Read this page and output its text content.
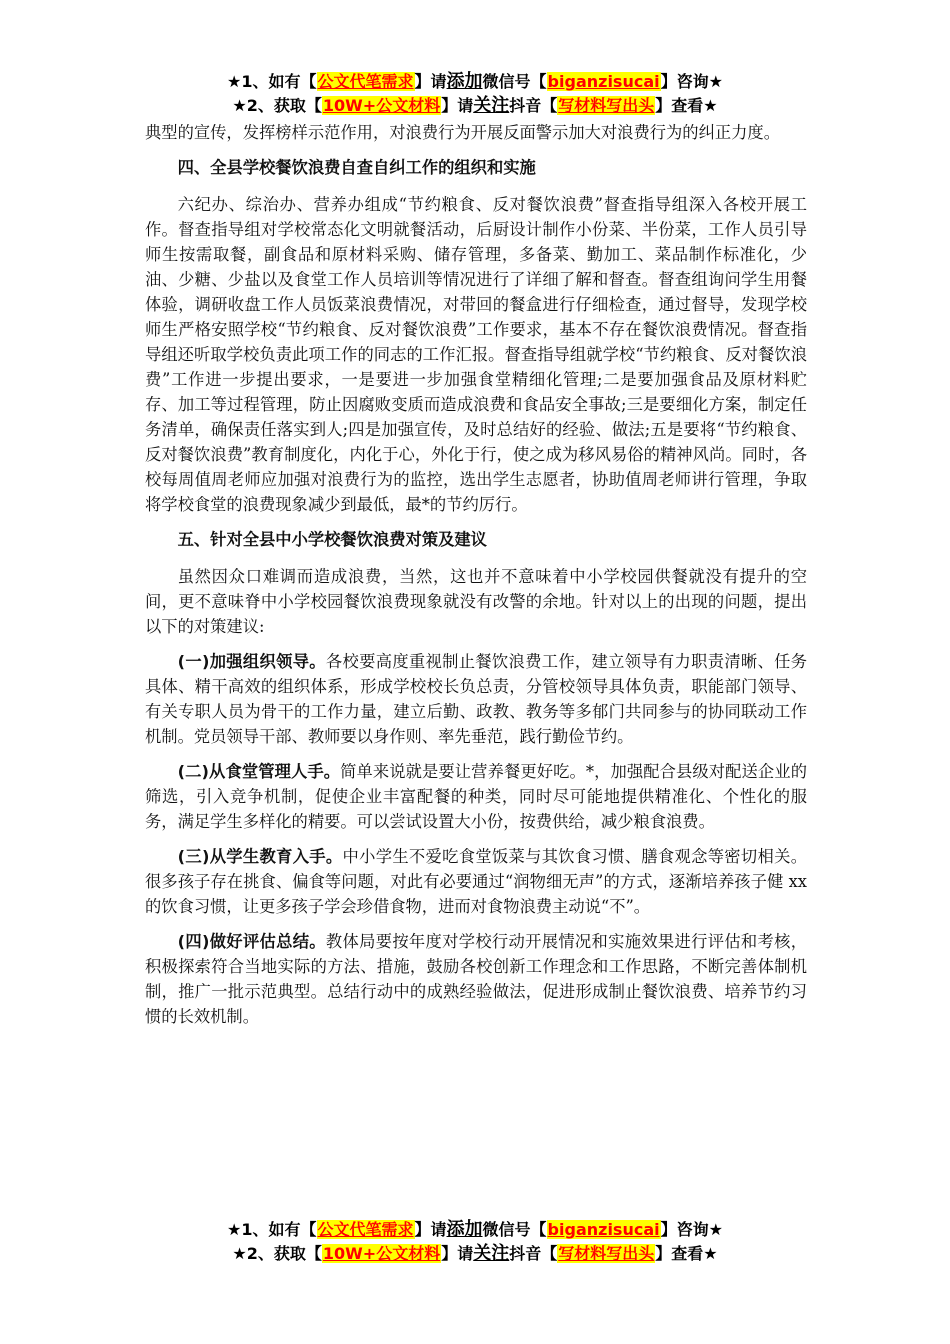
★1、如有【公文代笔需求】请添加微信号【biganzisucai】咨询★
★2、获取【10W+公文材料】请关注抖音【写材料写出头】查看★

典型的宣传，发挥榜样示范作用，对浪费行为开展反面警示加大对浪费行为的纠正力度。

四、全县学校餐饮浪费自查自纠工作的组织和实施

六纪办、综治办、营养办组成“节约粮食、反对餐饮浪费”督查指导组深入各校开展工作。督查指导组对学校常态化文明就餐活动，后厨设计制作小份菜、半份菜，工作人员引导师生按需取餐，副食品和原材料采购、储存管理，多备菜、勤加工、菜品制作标准化，少油、少糖、少盐以及食堂工作人员培训等情况进行了详细了解和督查。督查组询问学生用餐体验，调研收盘工作人员饭菜浪费情况，对带回的餐盒进行仔细检查，通过督导，发现学校师生严格安照学校“节约粮食、反对餐饮浪费”工作要求，基本不存在餐饮浪费情况。督查指导组还听取学校负责此项工作的同志的工作汇报。督查指导组就学校“节约粮食、反对餐饮浪费”工作进一步提出要求，一是要进一步加强食堂精细化管理;二是要加强食品及原材料贮存、加工等过程管理，防止因腐败变质而造成浪费和食品安全事故;三是要细化方案，制定任务清单，确保责任落实到人;四是加强宣传，及时总结好的经验、做法;五是要将“节约粮食、反对餐饮浪费”教育制度化，内化于心，外化于行，使之成为移风易俗的精神风尚。同时，各校每周值周老师应加强对浪费行为的监控，选出学生志愿者，协助值周老师讲行管理，争取将学校食堂的浪费现象减少到最低，最*的节约厉行。

五、针对全县中小学校餐饮浪费对策及建议

虽然因众口难调而造成浪费，当然，这也并不意味着中小学校园供餐就没有提升的空间，更不意味脊中小学校园餐饮浪费现象就没有改警的余地。针对以上的出现的问题，提出以下的对策建议:

(一)加强组织领导。各校要高度重视制止餐饮浪费工作，建立领导有力职责清晰、任务具体、精干高效的组织体系，形成学校校长负总责，分管校领导具体负责，职能部门领导、有关专职人员为骨干的工作力量，建立后勤、政教、教务等多郁门共同参与的协同联动工作机制。党员领导干部、教师要以身作则、率先垂范，践行勤俭节约。

(二)从食堂管理人手。简单来说就是要让营养餐更好吃。*，加强配合县级对配送企业的筛选，引入竞争机制，促使企业丰富配餐的种类，同时尽可能地提供精准化、个性化的服务，满足学生多样化的精要。可以尝试设置大小份，按费供给，减少粮食浪费。

(三)从学生教育入手。中小学生不爱吃食堂饭菜与其饮食习惯、膳食观念等密切相关。很多孩子存在挑食、偏食等问题，对此有必要通过“润物细无声”的方式，逐渐培养孩子健 xx 的饮食习惯，让更多孩子学会珍借食物，进而对食物浪费主动说“不”。

(四)做好评估总结。教体局要按年度对学校行动开展情况和实施效果进行评估和考核，积极探索符合当地实际的方法、措施，鼓励各校创新工作理念和工作思路，不断完善体制机制，推广一批示范典型。总结行动中的成熟经验做法，促进形成制止餐饮浪费、培养节约习惯的长效机制。

★1、如有【公文代笔需求】请添加微信号【biganzisucai】咨询★
★2、获取【10W+公文材料】请关注抖音【写材料写出头】查看★
